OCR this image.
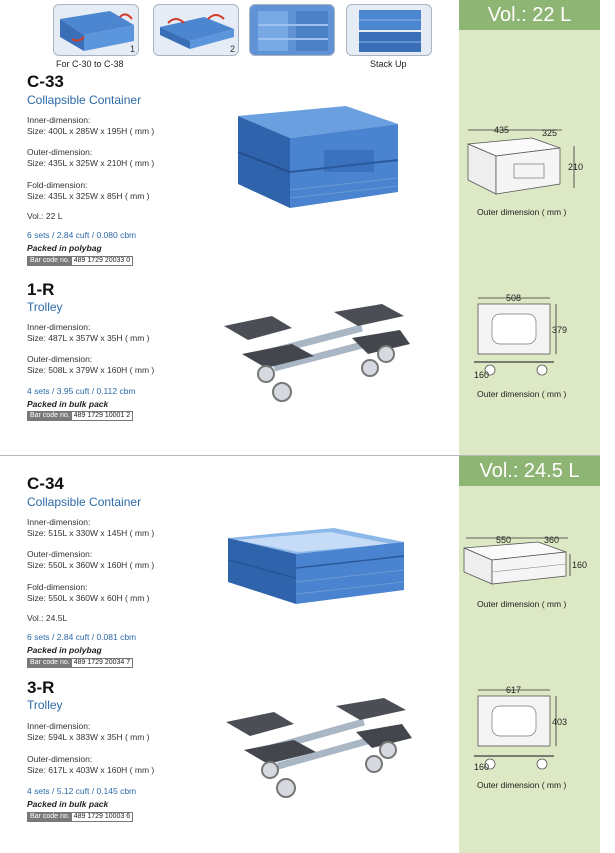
Vol.: 22 L
Vol.: 24.5 L
1	2
For C-30 to C-38	Stack Up
C-33
Collapsible Container
Inner-dimension:
Size: 400L x 285W x 195H ( mm )
Outer-dimension:
Size: 435L x 325W x 210H ( mm )
Fold-dimension:
Size: 435L x 325W x 85H ( mm )
Vol.: 22 L
6 sets / 2.84 cuft / 0.080 cbm
Packed in polybag
Bar code no. 489 1729 20033 0
435	325
210
Outer dimension ( mm )
1-R
Trolley
Inner-dimension:
Size: 487L x 357W x 35H ( mm )
Outer-dimension:
Size: 508L x 379W x 160H ( mm )
4 sets / 3.95 cuft / 0.112 cbm
Packed in bulk pack
Bar code no. 489 1729 10001 2
508
379
160
Outer dimension ( mm )
C-34
Collapsible Container
Inner-dimension:
Size: 515L x 330W x 145H ( mm )
Outer-dimension:
Size: 550L x 360W x 160H ( mm )
Fold-dimension:
Size: 550L x 360W x 60H ( mm )
Vol.: 24.5L
6 sets / 2.84 cuft / 0.081 cbm
Packed in polybag
Bar code no. 489 1729 20034 7
550	360
160
Outer dimension ( mm )
3-R
Trolley
Inner-dimension:
Size: 594L x 383W x 35H ( mm )
Outer-dimension:
Size: 617L x 403W x 160H ( mm )
4 sets / 5.12 cuft / 0.145 cbm
Packed in bulk pack
Bar code no. 489 1729 10003 6
617
403
160
Outer dimension ( mm )
